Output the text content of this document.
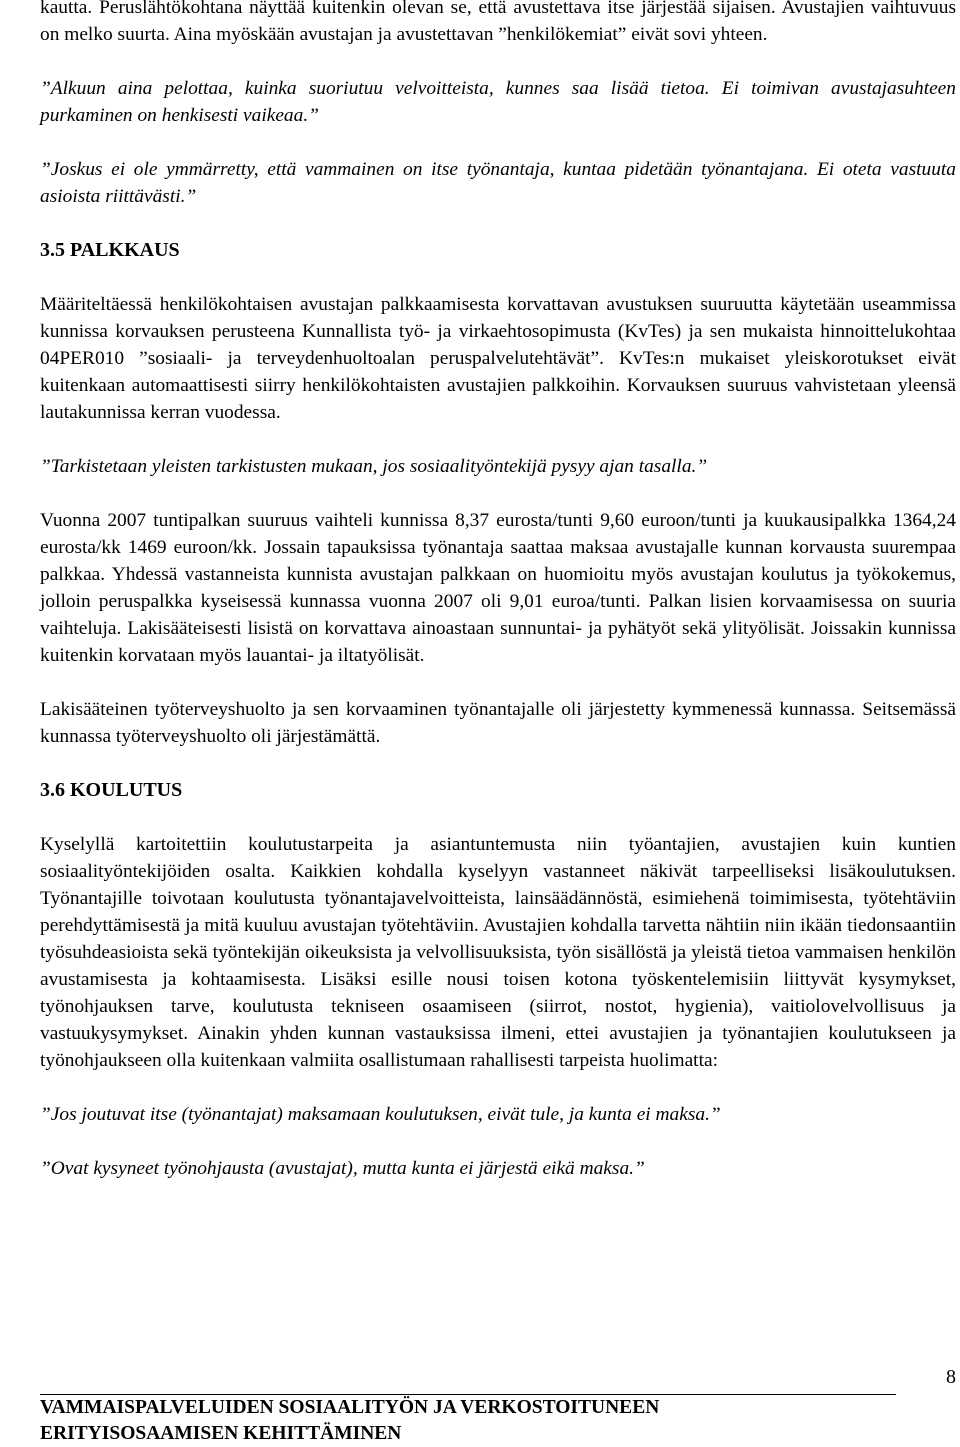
kautta. Peruslähtökohtana näyttää kuitenkin olevan se, että avustettava itse järjestää sijaisen. Avustajien vaihtuvuus on melko suurta. Aina myöskään avustajan ja avustettavan ”henkilökemiat” eivät sovi yhteen.

”Alkuun aina pelottaa, kuinka suoriutuu velvoitteista, kunnes saa lisää tietoa. Ei toimivan avustajasuhteen purkaminen on henkisesti vaikeaa.”

”Joskus ei ole ymmärretty, että vammainen on itse työnantaja, kuntaa pidetään työnantajana. Ei oteta vastuuta asioista riittävästi.”

3.5 PALKKAUS

Määriteltäessä henkilökohtaisen avustajan palkkaamisesta korvattavan avustuksen suuruutta käytetään useammissa kunnissa korvauksen perusteena Kunnallista työ- ja virkaehtosopimusta (KvTes) ja sen mukaista hinnoittelukohtaa 04PER010 ”sosiaali- ja terveydenhuoltoalan peruspalvelutehtävät”. KvTes:n mukaiset yleiskorotukset eivät kuitenkaan automaattisesti siirry henkilökohtaisten avustajien palkkoihin. Korvauksen suuruus vahvistetaan yleensä lautakunnissa kerran vuodessa.

”Tarkistetaan yleisten tarkistusten mukaan, jos sosiaalityöntekijä pysyy ajan tasalla.”

Vuonna 2007 tuntipalkan suuruus vaihteli kunnissa 8,37 eurosta/tunti 9,60 euroon/tunti ja kuukausipalkka 1364,24 eurosta/kk 1469 euroon/kk. Jossain tapauksissa työnantaja saattaa maksaa avustajalle kunnan korvausta suurempaa palkkaa. Yhdessä vastanneista kunnista avustajan palkkaan on huomioitu myös avustajan koulutus ja työkokemus, jolloin peruspalkka kyseisessä kunnassa vuonna 2007 oli 9,01 euroa/tunti. Palkan lisien korvaamisessa on suuria vaihteluja. Lakisääteisesti lisistä on korvattava ainoastaan sunnuntai- ja pyhätyöt sekä ylityölisät. Joissakin kunnissa kuitenkin korvataan myös lauantai- ja iltatyölisät.

Lakisääteinen työterveyshuolto ja sen korvaaminen työnantajalle oli järjestetty kymmenessä kunnassa. Seitsemässä kunnassa työterveyshuolto oli järjestämättä.

3.6 KOULUTUS

Kyselyllä kartoitettiin koulutustarpeita ja asiantuntemusta niin työantajien, avustajien kuin kuntien sosiaalityöntekijöiden osalta. Kaikkien kohdalla kyselyyn vastanneet näkivät tarpeelliseksi lisäkoulutuksen. Työnantajille toivotaan koulutusta työnantajavelvoitteista, lainsäädännöstä, esimiehenä toimimisesta, työtehtäviin perehdyttämisestä ja mitä kuuluu avustajan työtehtäviin. Avustajien kohdalla tarvetta nähtiin niin ikään tiedonsaantiin työsuhdeasioista sekä työntekijän oikeuksista ja velvollisuuksista, työn sisällöstä ja yleistä tietoa vammaisen henkilön avustamisesta ja kohtaamisesta. Lisäksi esille nousi toisen kotona työskentelemisiin liittyvät kysymykset, työnohjauksen tarve, koulutusta tekniseen osaamiseen (siirrot, nostot, hygienia), vaitiolovelvollisuus ja vastuukysymykset. Ainakin yhden kunnan vastauksissa ilmeni, ettei avustajien ja työnantajien koulutukseen ja työnohjaukseen olla kuitenkaan valmiita osallistumaan rahallisesti tarpeista huolimatta:

”Jos joutuvat itse (työnantajat) maksamaan koulutuksen, eivät tule, ja kunta ei maksa.”

”Ovat kysyneet työnohjausta (avustajat), mutta kunta ei järjestä eikä maksa.”

8
VAMMAISPALVELUIDEN SOSIAALITYÖN JA VERKOSTOITUNEEN
ERITYISOSAAMISEN KEHITTÄMINEN
